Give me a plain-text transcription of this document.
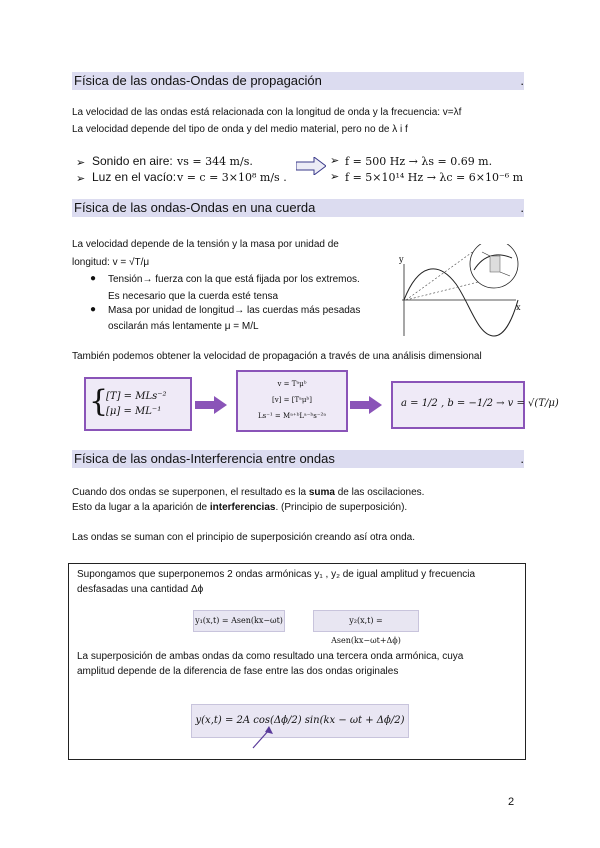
Física de las ondas-Ondas de propagación	.
La velocidad de las ondas está relacionada con la longitud de onda y la frecuencia: v=λf
La velocidad depende del tipo de onda y del medio material, pero no de λ i f
➢ Sonido en aire: vs = 344 m/s.
➢ Luz en el vacío: v = c = 3×10⁸ m/s .
➢ f = 500 Hz → λs = 0.69 m.
➢ f = 5×10¹⁴ Hz → λc = 6×10⁻⁶ m
Física de las ondas-Ondas en una cuerda	.
La velocidad depende de la tensión y la masa por unidad de
longitud: v = √T/μ
● Tensión→ fuerza con la que está fijada por los extremos.
Es necesario que la cuerda esté tensa
● Masa por unidad de longitud→ las cuerdas más pesadas
oscilarán más lentamente μ = M/L
y
x
También podemos obtener la velocidad de propagación a través de una análisis dimensional
{
[T] = MLs⁻²
[μ] = ML⁻¹
v = Tᵃμᵇ
[v] = [Tᵃμᵇ]
Ls⁻¹ = Mᵃ⁺ᵇLᵃ⁻ᵇs⁻²ᵃ
a = 1/2 , b = −1/2 → v = √(T/μ)
Física de las ondas-Interferencia entre ondas	.
Cuando dos ondas se superponen, el resultado es la suma de las oscilaciones.
Esto da lugar a la aparición de interferencias. (Principio de superposición).
Las ondas se suman con el principio de superposición creando así otra onda.
Supongamos que superponemos 2 ondas armónicas y₁ , y₂ de igual amplitud y frecuencia
desfasadas una cantidad Δϕ
y₁(x,t) = Asen(kx−ωt)	y₂(x,t) = Asen(kx−ωt+Δϕ)
La superposición de ambas ondas da como resultado una tercera onda armónica, cuya
amplitud depende de la diferencia de fase entre las dos ondas originales
y(x,t) = 2A cos(Δϕ/2) sin(kx − ωt + Δϕ/2)
2
